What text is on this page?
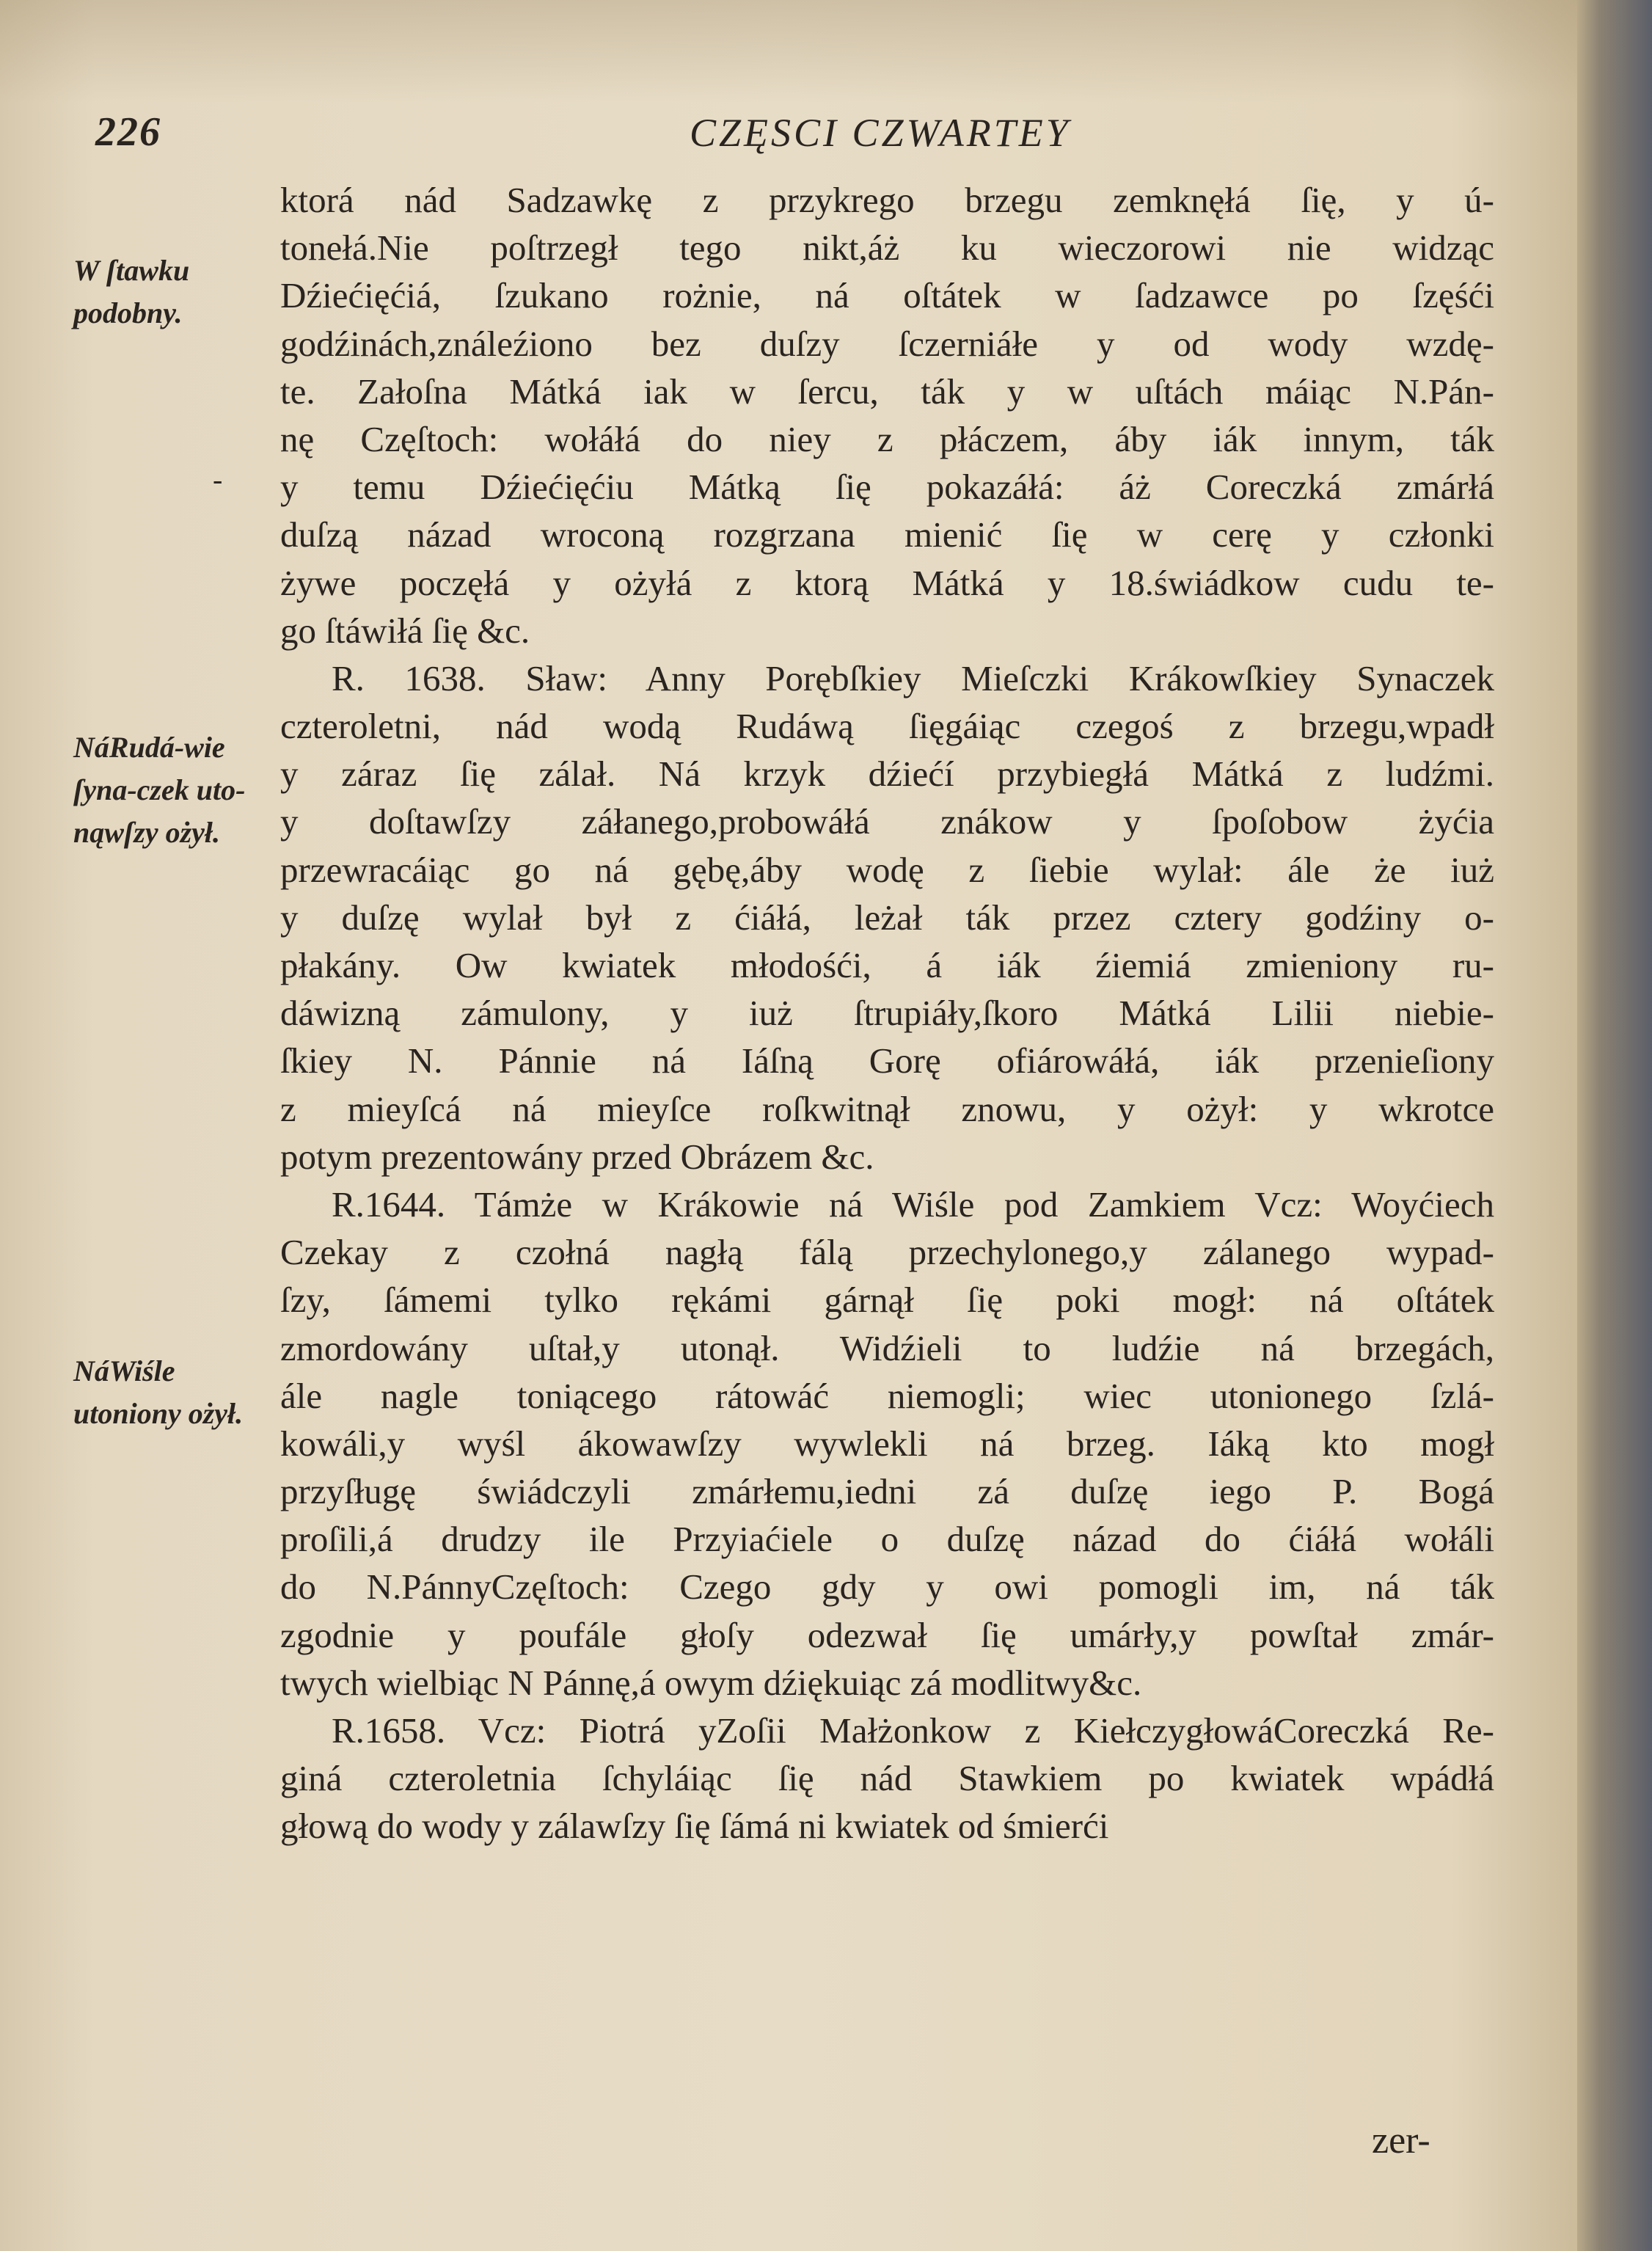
226	CZĘSCI CZWARTEY
W ſtawku podobny.
NáRudá-wie ſyna-czek uto-nąwſzy ożył.
NáWiśle utoniony ożył.
-
ktorá nád Sadzawkę z przykrego brzegu zemknęłá ſię, y ú-
tonełá.Nie poſtrzegł tego nikt,áż ku wieczorowi nie widząc
Dźiećięćiá, ſzukano rożnie, ná oſtátek w ſadzawce po ſzęśći
godźinách,ználeźiono bez duſzy ſczerniáłe y od wody wzdę-
te. Załoſna Mátká iak w ſercu, ták y w uſtách máiąc N.Pán-
nę Częſtoch: wołáłá do niey z płáczem, áby iák innym, ták
y temu Dźiećięćiu Mátką ſię pokazáłá: áż Coreczká zmárłá
duſzą názad wroconą rozgrzana mienić ſię w cerę y członki
żywe poczęłá y ożyłá z ktorą Mátká y 18.świádkow cudu te-
go ſtáwiłá ſię &c.
R. 1638. Sław: Anny Porębſkiey Mieſczki Krákowſkiey Synaczek
czteroletni, nád wodą Rudáwą ſięgáiąc czegoś z brzegu,wpadł
y záraz ſię zálał. Ná krzyk dźiećí przybiegłá Mátká z ludźmi.
y doſtawſzy záłanego,probowáłá znákow y ſpoſobow żyćia
przewracáiąc go ná gębę,áby wodę z ſiebie wylał: ále że iuż
y duſzę wylał był z ćiáłá, leżał ták przez cztery godźiny o-
płakány. Ow kwiatek młodośći, á iák źiemiá zmieniony ru-
dáwizną zámulony, y iuż ſtrupiáły,ſkoro Mátká Lilii niebie-
ſkiey N. Pánnie ná Iáſną Gorę ofiárowáłá, iák przenieſiony
z mieyſcá ná mieyſce roſkwitnął znowu, y ożył: y wkrotce
potym prezentowány przed Obrázem &c.
R.1644. Támże w Krákowie ná Wiśle pod Zamkiem Vcz: Woyćiech
Czekay z czołná nagłą fálą przechylonego,y zálanego wypad-
ſzy, ſámemi tylko rękámi gárnął ſię poki mogł: ná oſtátek
zmordowány uſtał,y utonął. Widźieli to ludźie ná brzegách,
ále nagle toniącego rátowáć niemogli; wiec utonionego ſzlá-
kowáli,y wyśl ákowawſzy wywlekli ná brzeg. Iáką kto mogł
przyſługę świádczyli zmárłemu,iedni zá duſzę iego P. Bogá
proſili,á drudzy ile Przyiaćiele o duſzę názad do ćiáłá wołáli
do N.PánnyCzęſtoch: Czego gdy y owi pomogli im, ná ták
zgodnie y poufále głoſy odezwał ſię umárły,y powſtał zmár-
twych wielbiąc N Pánnę,á owym dźiękuiąc zá modlitwy&c.
R.1658. Vcz: Piotrá yZoſii Małżonkow z KiełczygłowáCoreczká Re-
giná czteroletnia ſchyláiąc ſię nád Stawkiem po kwiatek wpádłá
głową do wody y zálawſzy ſię ſámá ni kwiatek od śmierći
zer-
